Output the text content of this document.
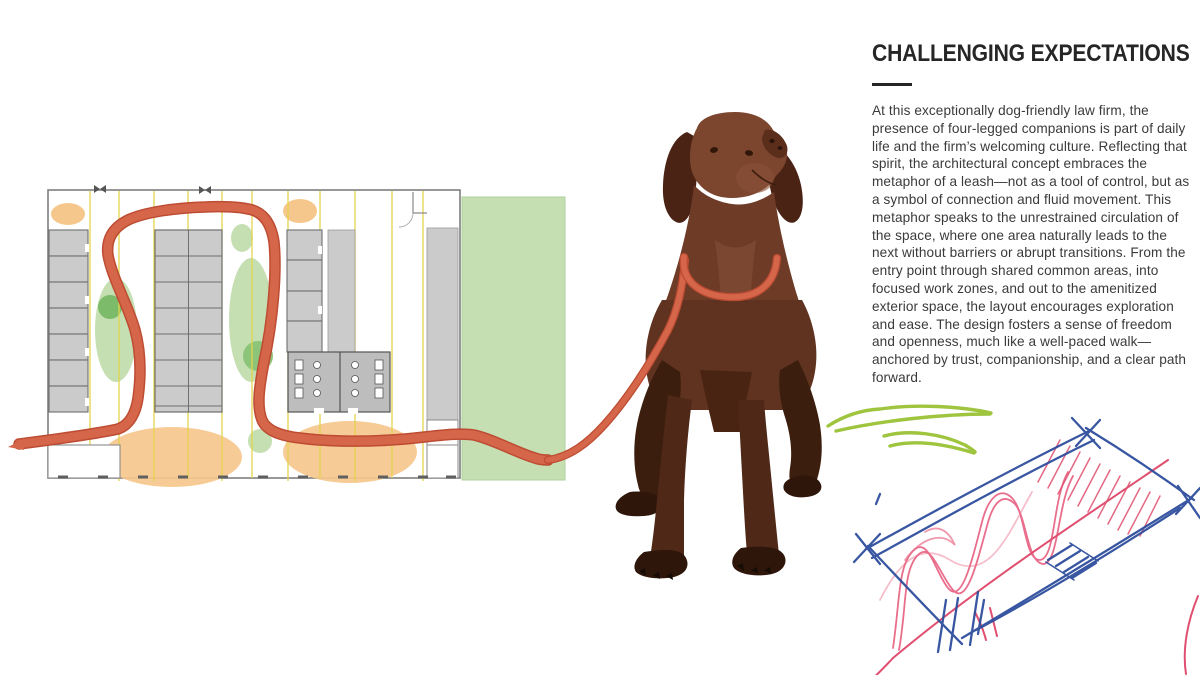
CHALLENGING EXPECTATIONS

At this exceptionally dog-friendly law firm, the presence of four-legged companions is part of daily life and the firm’s welcoming culture. Reflecting that spirit, the architectural concept embraces the metaphor of a leash—not as a tool of control, but as a symbol of connection and fluid movement. This metaphor speaks to the unrestrained circulation of the space, where one area naturally leads to the next without barriers or abrupt transitions. From the entry point through shared common areas, into focused work zones, and out to the amenitized exterior space, the layout encourages exploration and ease. The design fosters a sense of freedom and openness, much like a well-paced walk—anchored by trust, companionship, and a clear path forward.
